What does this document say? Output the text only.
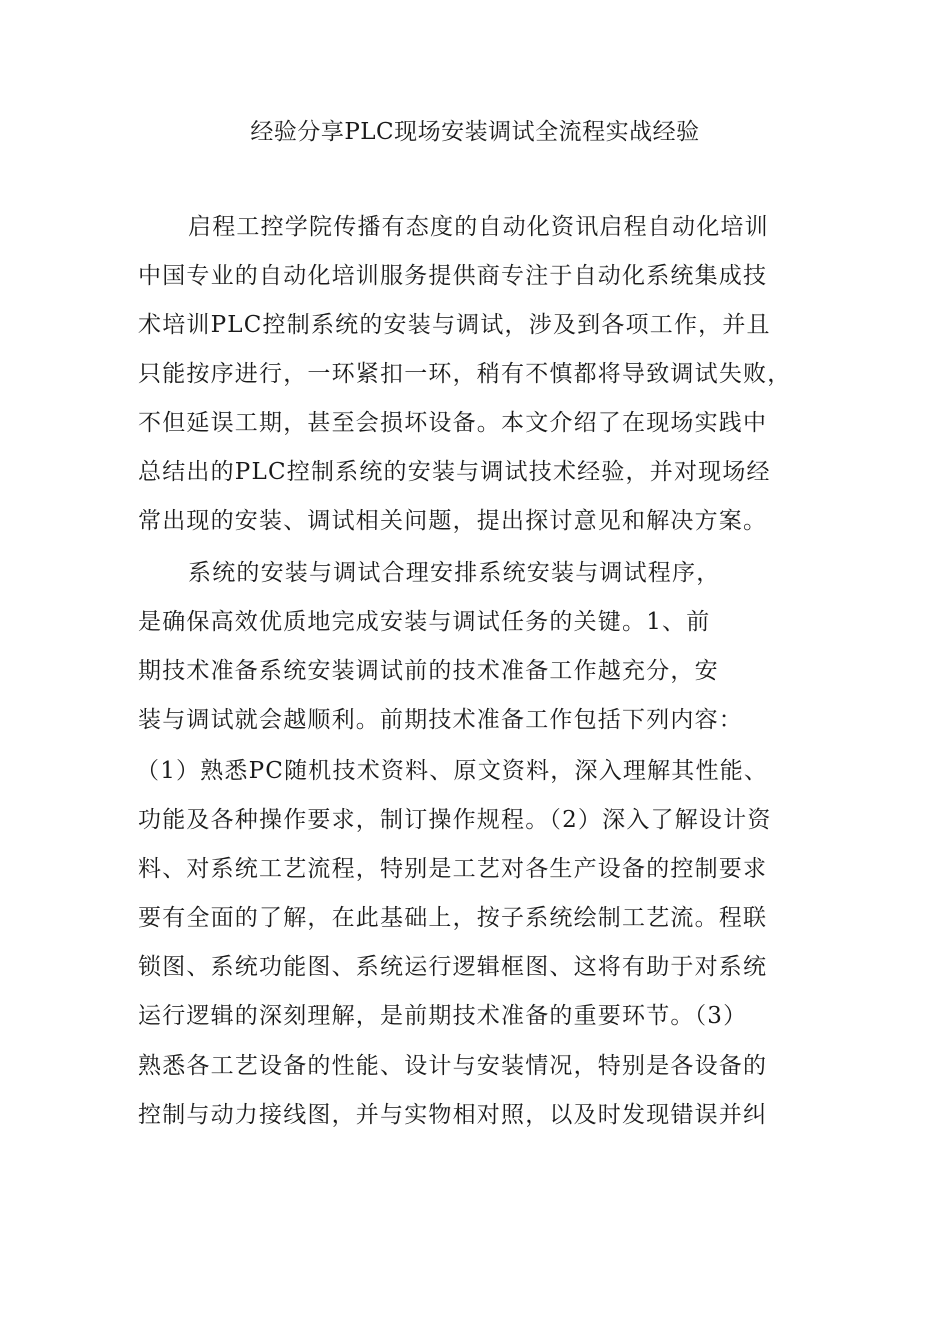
经验分享PLC现场安装调试全流程实战经验
启程工控学院传播有态度的自动化资讯启程自动化培训
中国专业的自动化培训服务提供商专注于自动化系统集成技
术培训PLC控制系统的安装与调试，涉及到各项工作，并且
只能按序进行，一环紧扣一环，稍有不慎都将导致调试失败，
不但延误工期，甚至会损坏设备。本文介绍了在现场实践中
总结出的PLC控制系统的安装与调试技术经验，并对现场经
常出现的安装、调试相关问题，提出探讨意见和解决方案。
系统的安装与调试合理安排系统安装与调试程序，
是确保高效优质地完成安装与调试任务的关键。1、前
期技术准备系统安装调试前的技术准备工作越充分，安
装与调试就会越顺利。前期技术准备工作包括下列内容：
（1）熟悉PC随机技术资料、原文资料，深入理解其性能、
功能及各种操作要求，制订操作规程。（2）深入了解设计资
料、对系统工艺流程，特别是工艺对各生产设备的控制要求
要有全面的了解，在此基础上，按子系统绘制工艺流。程联
锁图、系统功能图、系统运行逻辑框图、这将有助于对系统
运行逻辑的深刻理解，是前期技术准备的重要环节。（3）
熟悉各工艺设备的性能、设计与安装情况，特别是各设备的
控制与动力接线图，并与实物相对照，以及时发现错误并纠
